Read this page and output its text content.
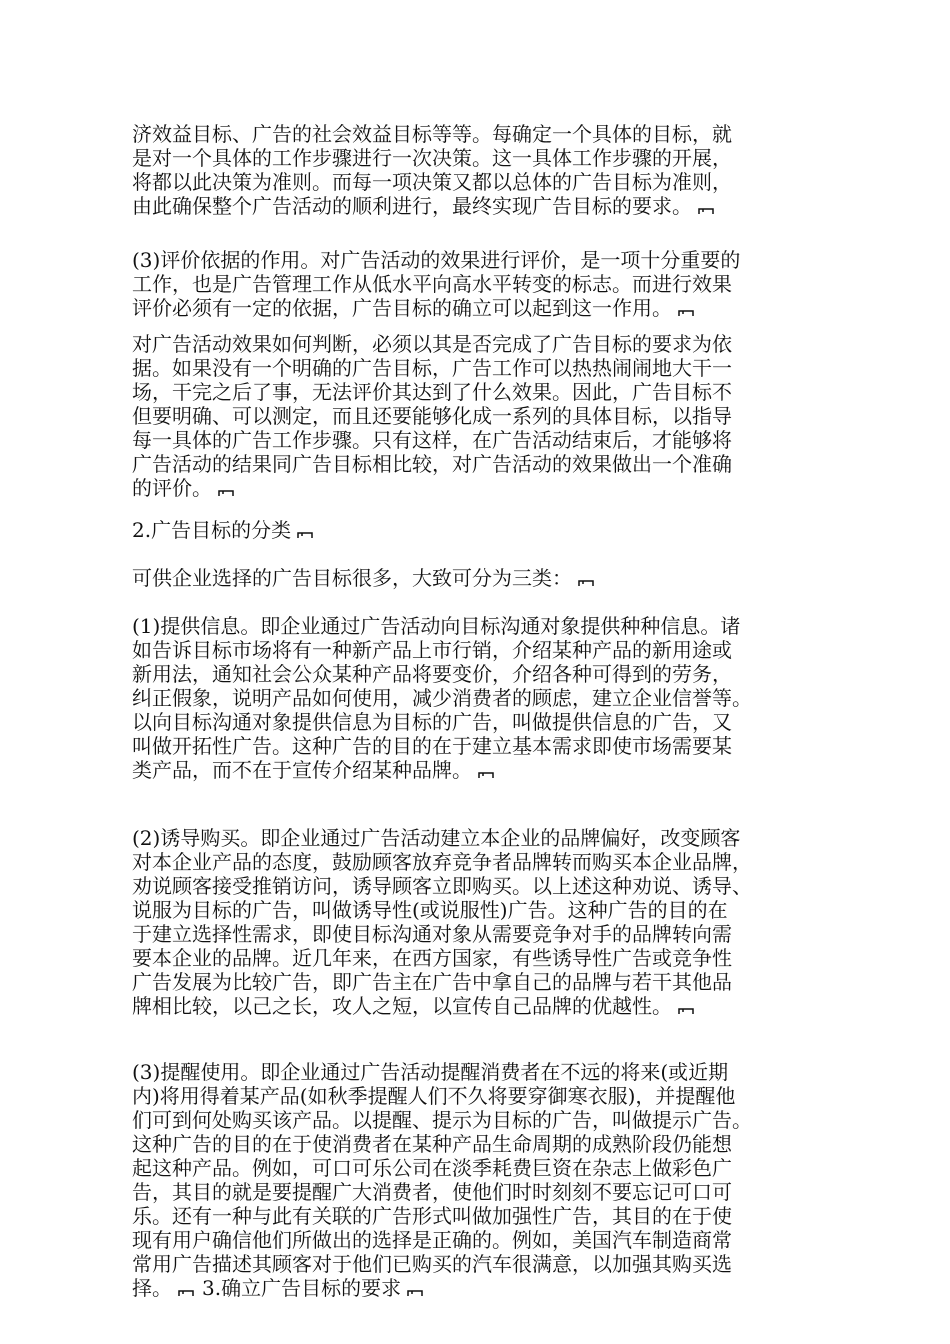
济效益目标、广告的社会效益目标等等。每确定一个具体的目标，就
是对一个具体的工作步骤进行一次决策。这一具体工作步骤的开展，
将都以此决策为准则。而每一项决策又都以总体的广告目标为准则，
由此确保整个广告活动的顺利进行，最终实现广告目标的要求。
(3)评价依据的作用。对广告活动的效果进行评价，是一项十分重要的
工作，也是广告管理工作从低水平向高水平转变的标志。而进行效果
评价必须有一定的依据，广告目标的确立可以起到这一作用。
对广告活动效果如何判断，必须以其是否完成了广告目标的要求为依
据。如果没有一个明确的广告目标，广告工作可以热热闹闹地大干一
场，干完之后了事，无法评价其达到了什么效果。因此，广告目标不
但要明确、可以测定，而且还要能够化成一系列的具体目标，以指导
每一具体的广告工作步骤。只有这样，在广告活动结束后，才能够将
广告活动的结果同广告目标相比较，对广告活动的效果做出一个准确
的评价。
2.广告目标的分类
可供企业选择的广告目标很多，大致可分为三类：
(1)提供信息。即企业通过广告活动向目标沟通对象提供种种信息。诸
如告诉目标市场将有一种新产品上市行销，介绍某种产品的新用途或
新用法，通知社会公众某种产品将要变价，介绍各种可得到的劳务，
纠正假象，说明产品如何使用，减少消费者的顾虑，建立企业信誉等。
以向目标沟通对象提供信息为目标的广告，叫做提供信息的广告，又
叫做开拓性广告。这种广告的目的在于建立基本需求即使市场需要某
类产品，而不在于宣传介绍某种品牌。
(2)诱导购买。即企业通过广告活动建立本企业的品牌偏好，改变顾客
对本企业产品的态度，鼓励顾客放弃竞争者品牌转而购买本企业品牌，
劝说顾客接受推销访问，诱导顾客立即购买。以上述这种劝说、诱导、
说服为目标的广告，叫做诱导性(或说服性)广告。这种广告的目的在
于建立选择性需求，即使目标沟通对象从需要竞争对手的品牌转向需
要本企业的品牌。近几年来，在西方国家，有些诱导性广告或竞争性
广告发展为比较广告，即广告主在广告中拿自己的品牌与若干其他品
牌相比较，以己之长，攻人之短，以宣传自己品牌的优越性。
(3)提醒使用。即企业通过广告活动提醒消费者在不远的将来(或近期
内)将用得着某产品(如秋季提醒人们不久将要穿御寒衣服)，并提醒他
们可到何处购买该产品。以提醒、提示为目标的广告，叫做提示广告。
这种广告的目的在于使消费者在某种产品生命周期的成熟阶段仍能想
起这种产品。例如，可口可乐公司在淡季耗费巨资在杂志上做彩色广
告，其目的就是要提醒广大消费者，使他们时时刻刻不要忘记可口可
乐。还有一种与此有关联的广告形式叫做加强性广告，其目的在于使
现有用户确信他们所做出的选择是正确的。例如，美国汽车制造商常
常用广告描述其顾客对于他们已购买的汽车很满意，以加强其购买选
择。 3.确立广告目标的要求
